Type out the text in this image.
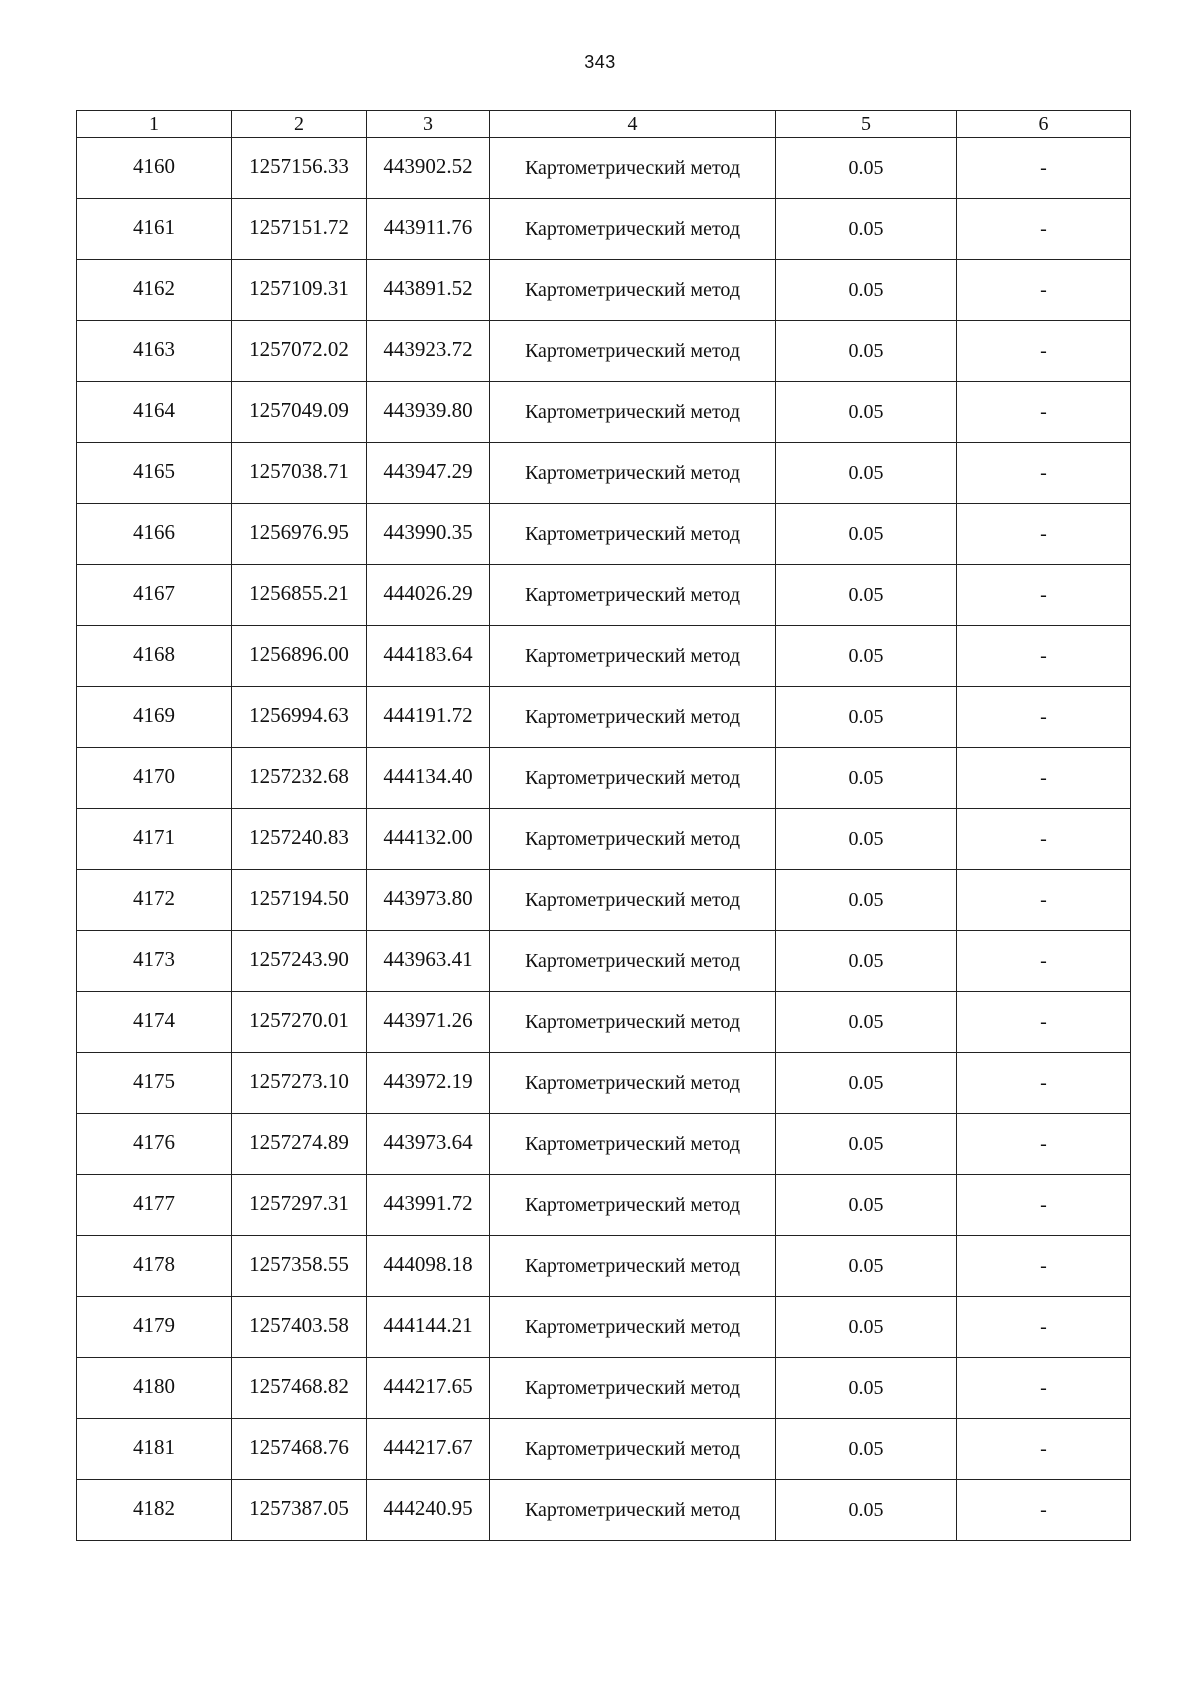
343
1	2	3	4	5	6
4160	1257156.33	443902.52	Картометрический метод	0.05	-
4161	1257151.72	443911.76	Картометрический метод	0.05	-
4162	1257109.31	443891.52	Картометрический метод	0.05	-
4163	1257072.02	443923.72	Картометрический метод	0.05	-
4164	1257049.09	443939.80	Картометрический метод	0.05	-
4165	1257038.71	443947.29	Картометрический метод	0.05	-
4166	1256976.95	443990.35	Картометрический метод	0.05	-
4167	1256855.21	444026.29	Картометрический метод	0.05	-
4168	1256896.00	444183.64	Картометрический метод	0.05	-
4169	1256994.63	444191.72	Картометрический метод	0.05	-
4170	1257232.68	444134.40	Картометрический метод	0.05	-
4171	1257240.83	444132.00	Картометрический метод	0.05	-
4172	1257194.50	443973.80	Картометрический метод	0.05	-
4173	1257243.90	443963.41	Картометрический метод	0.05	-
4174	1257270.01	443971.26	Картометрический метод	0.05	-
4175	1257273.10	443972.19	Картометрический метод	0.05	-
4176	1257274.89	443973.64	Картометрический метод	0.05	-
4177	1257297.31	443991.72	Картометрический метод	0.05	-
4178	1257358.55	444098.18	Картометрический метод	0.05	-
4179	1257403.58	444144.21	Картометрический метод	0.05	-
4180	1257468.82	444217.65	Картометрический метод	0.05	-
4181	1257468.76	444217.67	Картометрический метод	0.05	-
4182	1257387.05	444240.95	Картометрический метод	0.05	-
